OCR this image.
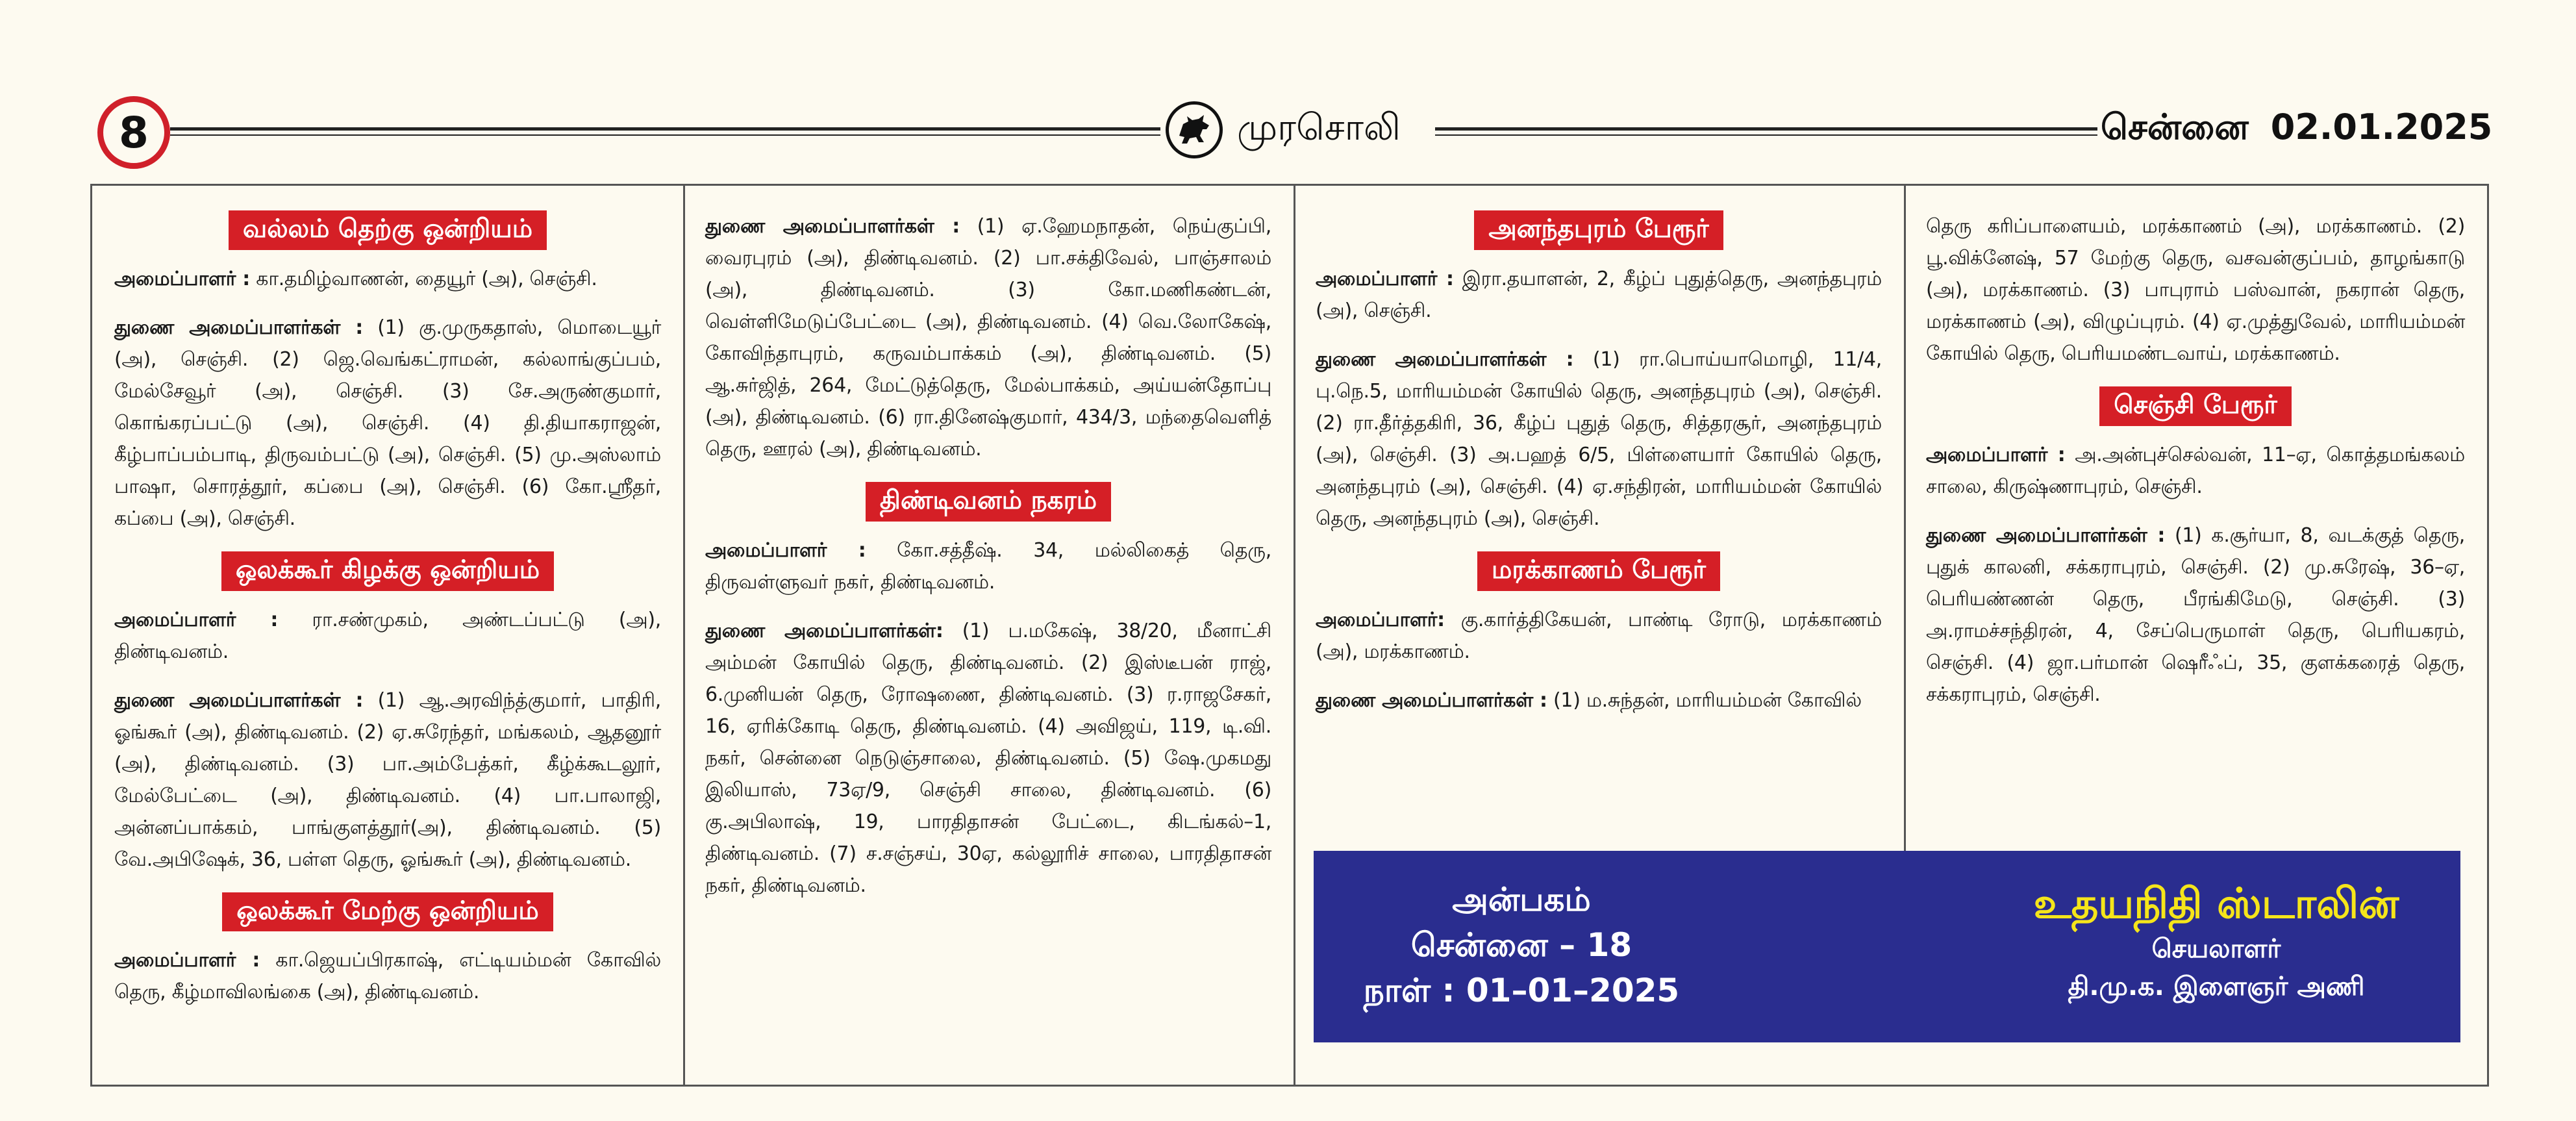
8	முரசொலி	சென்னை 02.01.2025
வல்லம் தெற்கு ஒன்றியம்

அமைப்பாளர் : கா.தமிழ்வாணன், தையூர் (அ), செஞ்சி.

துணை அமைப்பாளர்கள் : (1) கு.முருகதாஸ், மொடையூர் (அ), செஞ்சி. (2) ஜெ.வெங்கட்ராமன், கல்லாங்குப்பம், மேல்சேவூர் (அ), செஞ்சி. (3) சே.அருண்குமார், கொங்கரப்பட்டு (அ), செஞ்சி. (4) தி.தியாகராஜன், கீழ்பாப்பம்பாடி, திருவம்பட்டு (அ), செஞ்சி. (5) மு.அஸ்லாம் பாஷா, சொரத்தூர், கப்பை (அ), செஞ்சி. (6) கோ.ஸ்ரீதர், கப்பை (அ), செஞ்சி.

ஒலக்கூர் கிழக்கு ஒன்றியம்

அமைப்பாளர் : ரா.சண்முகம், அண்டப்பட்டு (அ), திண்டிவனம்.

துணை அமைப்பாளர்கள் : (1) ஆ.அரவிந்த்குமார், பாதிரி, ஓங்கூர் (அ), திண்டிவனம். (2) ஏ.சுரேந்தர், மங்கலம், ஆதனூர் (அ), திண்டிவனம். (3) பா.அம்பேத்கர், கீழ்க்கூடலூர், மேல்பேட்டை (அ), திண்டிவனம். (4) பா.பாலாஜி, அன்னப்பாக்கம், பாங்குளத்தூர்(அ), திண்டிவனம். (5) வே.அபிஷேக், 36, பள்ள தெரு, ஓங்கூர் (அ), திண்டிவனம்.

ஒலக்கூர் மேற்கு ஒன்றியம்

அமைப்பாளர் : கா.ஜெயப்பிரகாஷ், எட்டியம்மன் கோவில் தெரு, கீழ்மாவிலங்கை (அ), திண்டிவனம்.

துணை அமைப்பாளர்கள் : (1) ஏ.ஹேமநாதன், நெய்குப்பி, வைரபுரம் (அ), திண்டிவனம். (2) பா.சக்திவேல், பாஞ்சாலம் (அ), திண்டிவனம். (3) கோ.மணிகண்டன், வெள்ளிமேடுப்பேட்டை (அ), திண்டிவனம். (4) வெ.லோகேஷ், கோவிந்தாபுரம், கருவம்பாக்கம் (அ), திண்டிவனம். (5) ஆ.சுர்ஜித், 264, மேட்டுத்தெரு, மேல்பாக்கம், அய்யன்தோப்பு (அ), திண்டிவனம். (6) ரா.தினேஷ்குமார், 434/3, மந்தைவெளித் தெரு, ஊரல் (அ), திண்டிவனம்.

திண்டிவனம் நகரம்

அமைப்பாளர் : கோ.சத்தீஷ். 34, மல்லிகைத் தெரு, திருவள்ளுவர் நகர், திண்டிவனம்.

துணை அமைப்பாளர்கள்: (1) ப.மகேஷ், 38/20, மீனாட்சி அம்மன் கோயில் தெரு, திண்டிவனம். (2) இஸ்டீபன் ராஜ், 6.முனியன் தெரு, ரோஷணை, திண்டிவனம். (3) ர.ராஜசேகர், 16, ஏரிக்கோடி தெரு, திண்டிவனம். (4) அவிஜய், 119, டி.வி. நகர், சென்னை நெடுஞ்சாலை, திண்டிவனம். (5) ஷே.முகமது இலியாஸ், 73ஏ/9, செஞ்சி சாலை, திண்டிவனம். (6) கு.அபிலாஷ், 19, பாரதிதாசன் பேட்டை, கிடங்கல்–1, திண்டிவனம். (7) ச.சஞ்சய், 30ஏ, கல்லூரிச் சாலை, பாரதிதாசன் நகர், திண்டிவனம்.

அனந்தபுரம் பேரூர்

அமைப்பாளர் : இரா.தயாளன், 2, கீழ்ப் புதுத்தெரு, அனந்தபுரம் (அ), செஞ்சி.

துணை அமைப்பாளர்கள் : (1) ரா.பொய்யாமொழி, 11/4, பு.நெ.5, மாரியம்மன் கோயில் தெரு, அனந்தபுரம் (அ), செஞ்சி. (2) ரா.தீர்த்தகிரி, 36, கீழ்ப் புதுத் தெரு, சித்தரசூர், அனந்தபுரம் (அ), செஞ்சி. (3) அ.பஹத் 6/5, பிள்ளையார் கோயில் தெரு, அனந்தபுரம் (அ), செஞ்சி. (4) ஏ.சந்திரன், மாரியம்மன் கோயில் தெரு, அனந்தபுரம் (அ), செஞ்சி.

மரக்காணம் பேரூர்

அமைப்பாளர்: கு.கார்த்திகேயன், பாண்டி ரோடு, மரக்காணம் (அ), மரக்காணம்.

துணை அமைப்பாளர்கள் : (1) ம.சுந்தன், மாரியம்மன் கோவில்

தெரு கரிப்பாளையம், மரக்காணம் (அ), மரக்காணம். (2) பூ.விக்னேஷ், 57 மேற்கு தெரு, வசவன்குப்பம், தாழங்காடு (அ), மரக்காணம். (3) பாபுராம் பஸ்வான், நகரான் தெரு, மரக்காணம் (அ), விழுப்புரம். (4) ஏ.முத்துவேல், மாரியம்மன் கோயில் தெரு, பெரியமண்டவாய், மரக்காணம்.

செஞ்சி பேரூர்

அமைப்பாளர் : அ.அன்புச்செல்வன், 11–ஏ, கொத்தமங்கலம் சாலை, கிருஷ்ணாபுரம், செஞ்சி.

துணை அமைப்பாளர்கள் : (1) க.சூர்யா, 8, வடக்குத் தெரு, புதுக் காலனி, சக்கராபுரம், செஞ்சி. (2) மு.சுரேஷ், 36–ஏ, பெரியண்ணன் தெரு, பீரங்கிமேடு, செஞ்சி. (3) அ.ராமச்சந்திரன், 4, சேப்பெருமாள் தெரு, பெரியகரம், செஞ்சி. (4) ஜா.பர்மான் ஷெரீஃப், 35, குளக்கரைத் தெரு, சக்கராபுரம், செஞ்சி.

அன்பகம்
சென்னை – 18
நாள் : 01–01–2025
உதயநிதி ஸ்டாலின்
செயலாளர்
தி.மு.க. இளைஞர் அணி
